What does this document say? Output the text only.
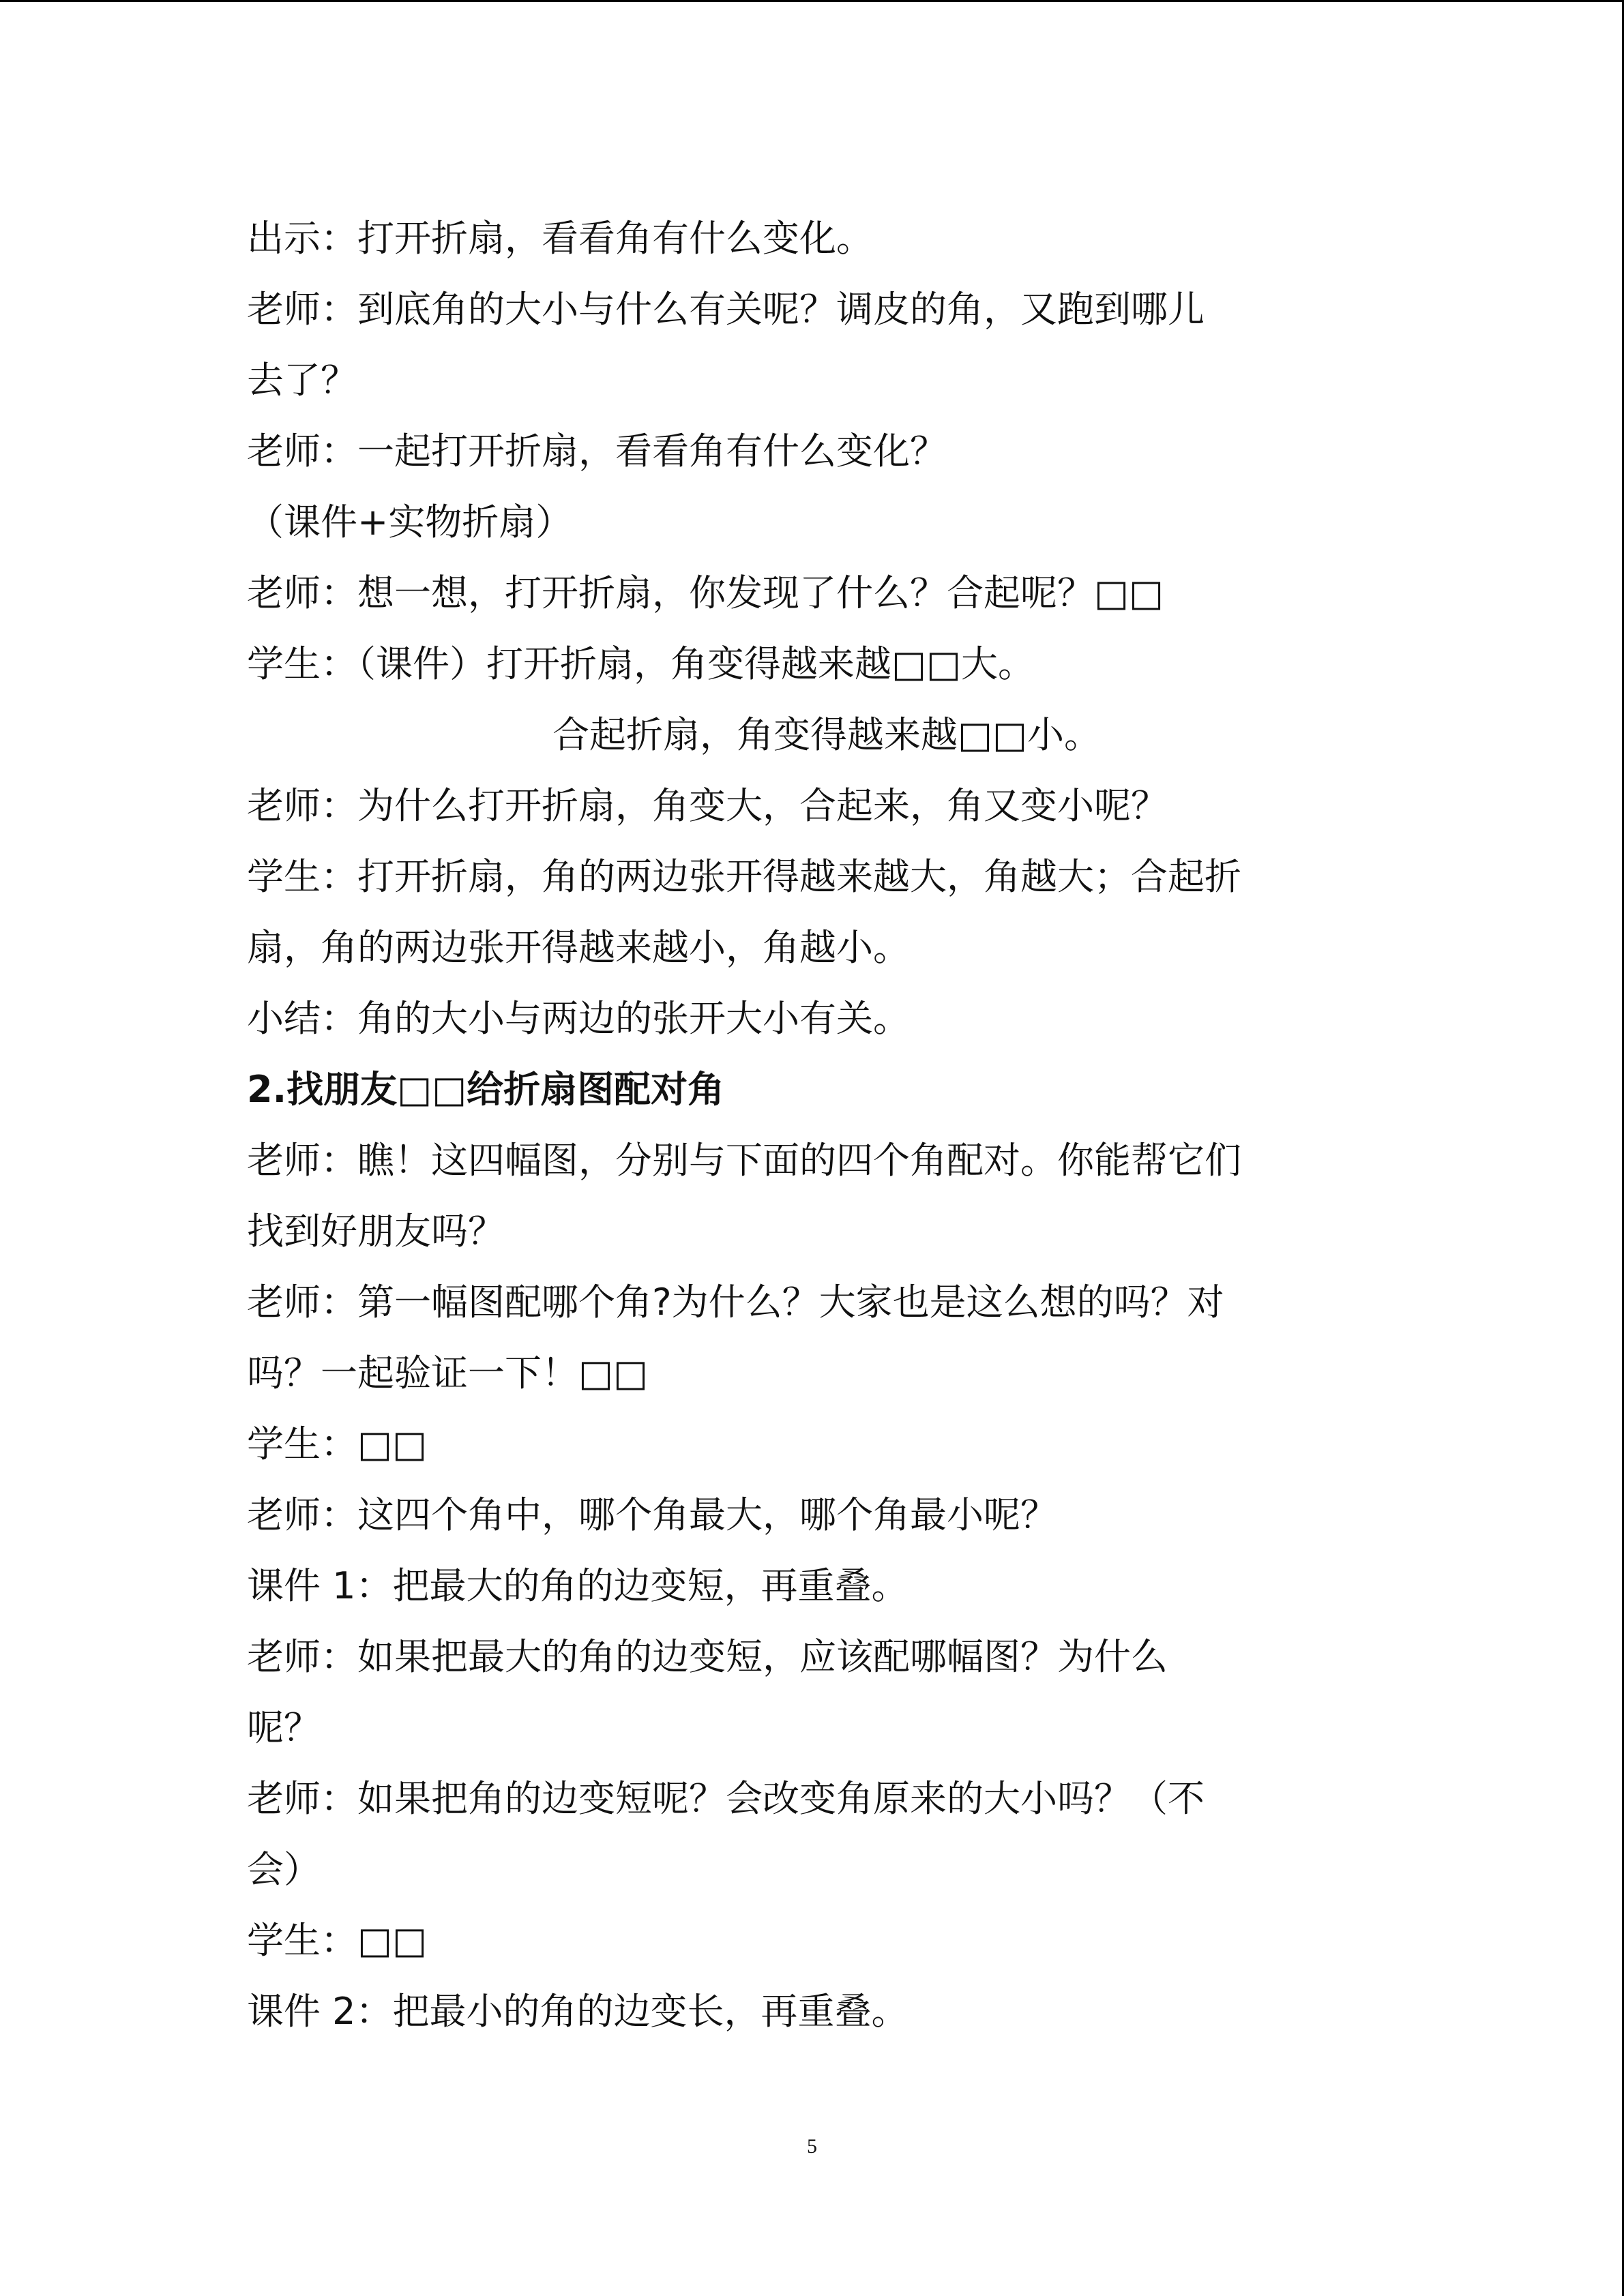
出示：打开折扇，看看角有什么变化。
老师：到底角的大小与什么有关呢？调皮的角，又跑到哪儿
去了？
老师：一起打开折扇，看看角有什么变化？
（课件+实物折扇）
老师：想一想，打开折扇，你发现了什么？合起呢？□□
学生：（课件）打开折扇，角变得越来越□□大。
合起折扇，角变得越来越□□小。
老师：为什么打开折扇，角变大，合起来，角又变小呢？
学生：打开折扇，角的两边张开得越来越大，角越大；合起折
扇，角的两边张开得越来越小，角越小。
小结：角的大小与两边的张开大小有关。
2.找朋友□□给折扇图配对角
老师：瞧！这四幅图，分别与下面的四个角配对。你能帮它们
找到好朋友吗？
老师：第一幅图配哪个角?为什么？大家也是这么想的吗？对
吗？一起验证一下！□□
学生：□□
老师：这四个角中，哪个角最大，哪个角最小呢？
课件 1：把最大的角的边变短，再重叠。
老师：如果把最大的角的边变短，应该配哪幅图？为什么
呢？
老师：如果把角的边变短呢？会改变角原来的大小吗？（不
会）
学生：□□
课件 2：把最小的角的边变长，再重叠。
5
